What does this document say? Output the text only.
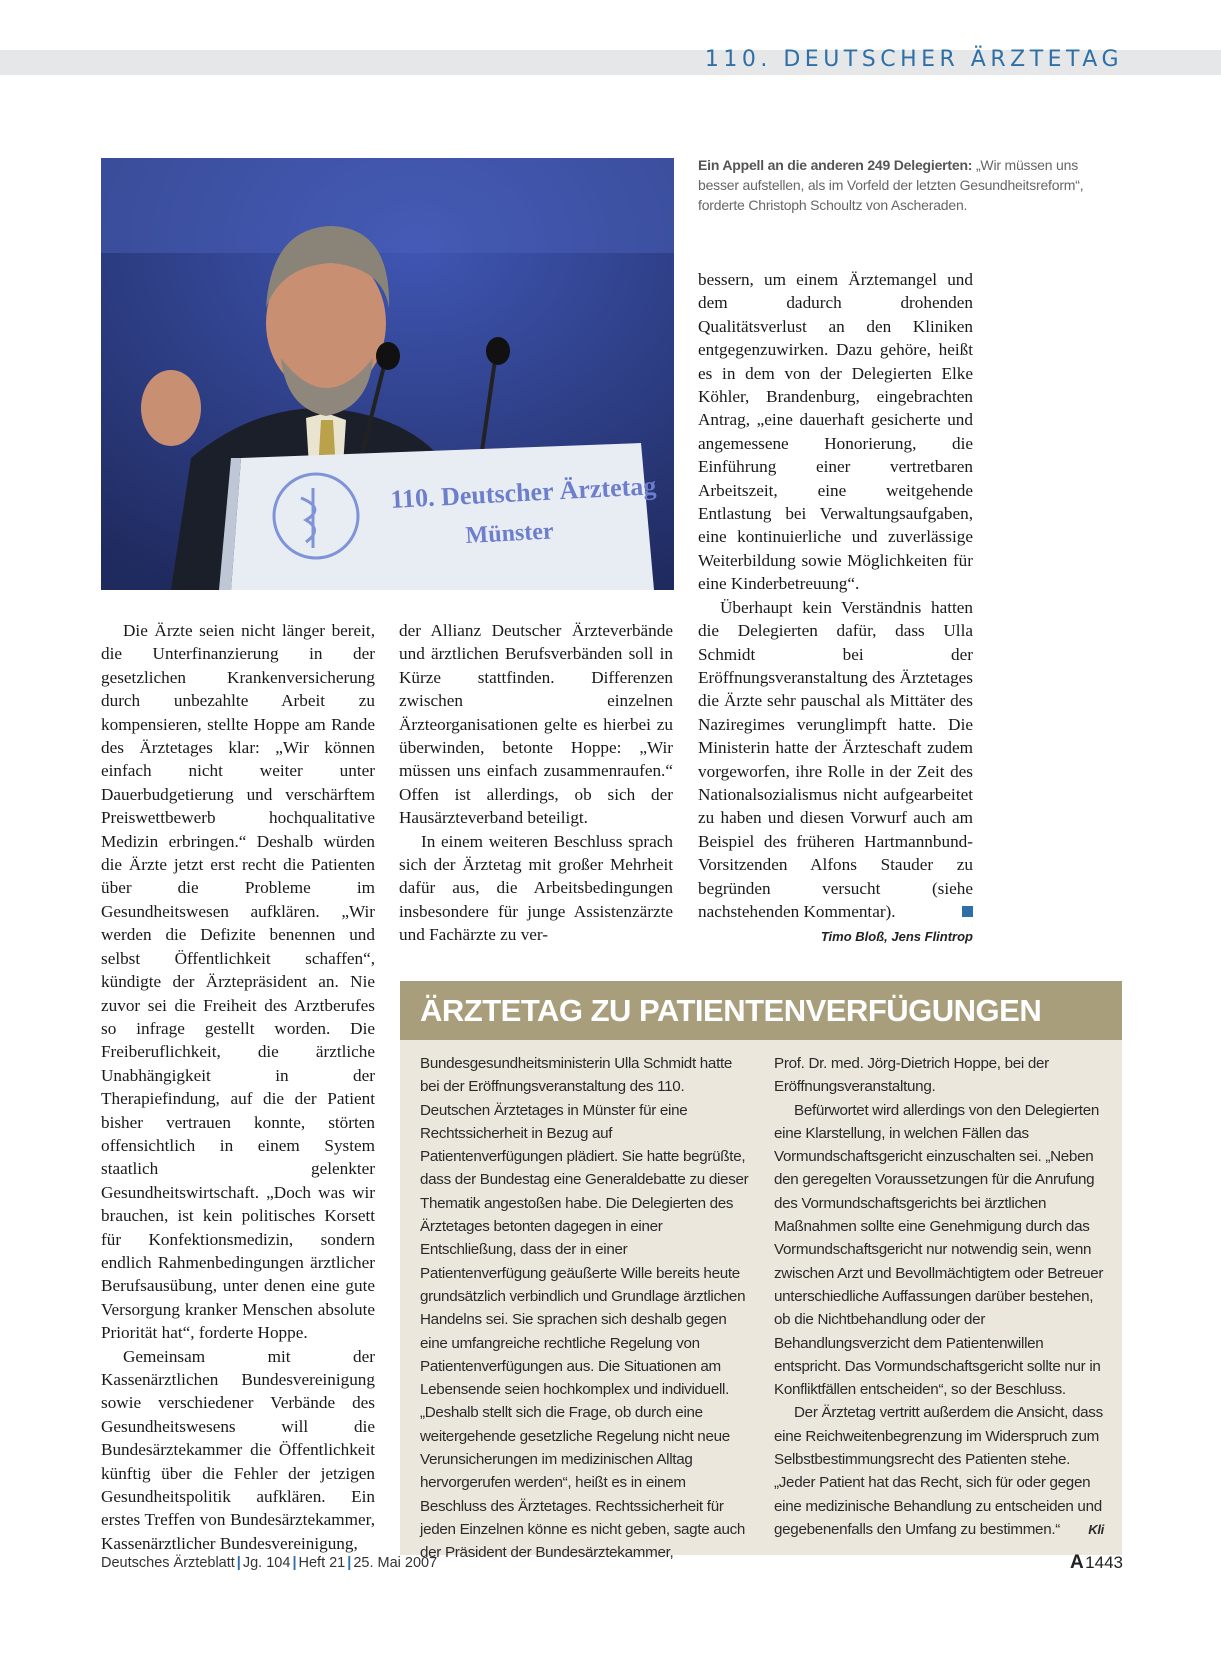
110. DEUTSCHER ÄRZTETAG
110. Deutscher Ärztetag
Münster
Ein Appell an die anderen 249 Delegierten: „Wir müssen uns besser aufstellen, als im Vorfeld der letzten Gesundheitsreform“, forderte Christoph Schoultz von Ascheraden.

Die Ärzte seien nicht länger bereit, die Unterfinanzierung in der gesetzlichen Krankenversicherung durch unbezahlte Arbeit zu kompensieren, stellte Hoppe am Rande des Ärztetages klar: „Wir können einfach nicht weiter unter Dauerbudgetierung und verschärftem Preiswettbewerb hochqualitative Medizin erbringen.“ Deshalb würden die Ärzte jetzt erst recht die Patienten über die Probleme im Gesundheitswesen aufklären. „Wir werden die Defizite benennen und selbst Öffentlichkeit schaffen“, kündigte der Ärztepräsident an. Nie zuvor sei die Freiheit des Arztberufes so infrage gestellt worden. Die Freiberuflichkeit, die ärztliche Unabhängigkeit in der Therapiefindung, auf die der Patient bisher vertrauen konnte, störten offensichtlich in einem System staatlich gelenkter Gesundheitswirtschaft. „Doch was wir brauchen, ist kein politisches Korsett für Konfektionsmedizin, sondern endlich Rahmenbedingungen ärztlicher Berufsausübung, unter denen eine gute Versorgung kranker Menschen absolute Priorität hat“, forderte Hoppe.

Gemeinsam mit der Kassenärztlichen Bundesvereinigung sowie verschiedener Verbände des Gesundheitswesens will die Bundesärztekammer die Öffentlichkeit künftig über die Fehler der jetzigen Gesundheitspolitik aufklären. Ein erstes Treffen von Bundesärztekammer, Kassenärztlicher Bundesvereinigung,

der Allianz Deutscher Ärzteverbände und ärztlichen Berufsverbänden soll in Kürze stattfinden. Differenzen zwischen einzelnen Ärzteorganisationen gelte es hierbei zu überwinden, betonte Hoppe: „Wir müssen uns einfach zusammenraufen.“ Offen ist allerdings, ob sich der Hausärzteverband beteiligt.

In einem weiteren Beschluss sprach sich der Ärztetag mit großer Mehrheit dafür aus, die Arbeitsbedingungen insbesondere für junge Assistenzärzte und Fachärzte zu ver-

bessern, um einem Ärztemangel und dem dadurch drohenden Qualitätsverlust an den Kliniken entgegenzuwirken. Dazu gehöre, heißt es in dem von der Delegierten Elke Köhler, Brandenburg, eingebrachten Antrag, „eine dauerhaft gesicherte und angemessene Honorierung, die Einführung einer vertretbaren Arbeitszeit, eine weitgehende Entlastung bei Verwaltungsaufgaben, eine kontinuierliche und zuverlässige Weiterbildung sowie Möglichkeiten für eine Kinderbetreuung“.

Überhaupt kein Verständnis hatten die Delegierten dafür, dass Ulla Schmidt bei der Eröffnungsveranstaltung des Ärztetages die Ärzte sehr pauschal als Mittäter des Naziregimes verunglimpft hatte. Die Ministerin hatte der Ärzteschaft zudem vorgeworfen, ihre Rolle in der Zeit des Nationalsozialismus nicht aufgearbeitet zu haben und diesen Vorwurf auch am Beispiel des früheren Hartmannbund-Vorsitzenden Alfons Stauder zu begründen versucht (siehe nachstehenden Kommentar).

Timo Bloß, Jens Flintrop
ÄRZTETAG ZU PATIENTENVERFÜGUNGEN

Bundesgesundheitsministerin Ulla Schmidt hatte bei der Eröffnungsveranstaltung des 110. Deutschen Ärztetages in Münster für eine Rechtssicherheit in Bezug auf Patientenverfügungen plädiert. Sie hatte begrüßte, dass der Bundestag eine Generaldebatte zu dieser Thematik angestoßen habe. Die Delegierten des Ärztetages betonten dagegen in einer Entschließung, dass der in einer Patientenverfügung geäußerte Wille bereits heute grundsätzlich verbindlich und Grundlage ärztlichen Handelns sei. Sie sprachen sich deshalb gegen eine umfangreiche rechtliche Regelung von Patientenverfügungen aus. Die Situationen am Lebensende seien hochkomplex und individuell. „Deshalb stellt sich die Frage, ob durch eine weitergehende gesetzliche Regelung nicht neue Verunsicherungen im medizinischen Alltag hervorgerufen werden“, heißt es in einem Beschluss des Ärztetages. Rechtssicherheit für jeden Einzelnen könne es nicht geben, sagte auch der Präsident der Bundesärztekammer,

Prof. Dr. med. Jörg-Dietrich Hoppe, bei der Eröffnungsveranstaltung.

Befürwortet wird allerdings von den Delegierten eine Klarstellung, in welchen Fällen das Vormundschaftsgericht einzuschalten sei. „Neben den geregelten Voraussetzungen für die Anrufung des Vormundschaftsgerichts bei ärztlichen Maßnahmen sollte eine Genehmigung durch das Vormundschaftsgericht nur notwendig sein, wenn zwischen Arzt und Bevollmächtigtem oder Betreuer unterschiedliche Auffassungen darüber bestehen, ob die Nichtbehandlung oder der Behandlungsverzicht dem Patientenwillen entspricht. Das Vormundschaftsgericht sollte nur in Konfliktfällen entscheiden“, so der Beschluss.

Der Ärztetag vertritt außerdem die Ansicht, dass eine Reichweitenbegrenzung im Widerspruch zum Selbstbestimmungsrecht des Patienten stehe. „Jeder Patient hat das Recht, sich für oder gegen eine medizinische Behandlung zu entscheiden und gegebenenfalls den Umfang zu bestimmen.“	Kli

Deutsches Ärzteblatt | Jg. 104 | Heft 21 | 25. Mai 2007	A 1443
